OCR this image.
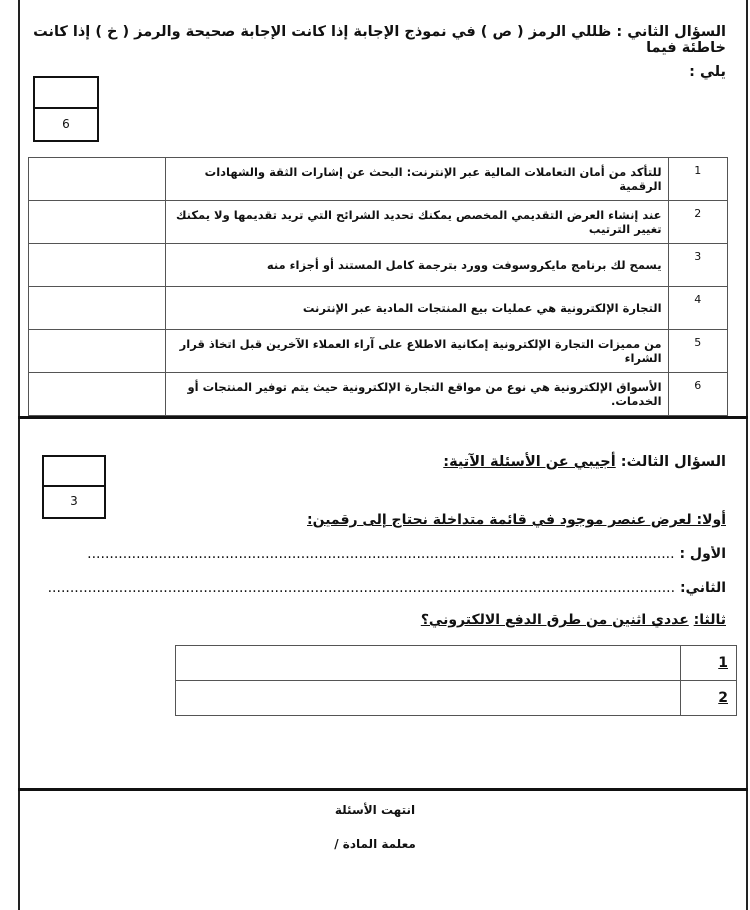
السؤال الثاني : ظللي الرمز ( ص ) في نموذج الإجابة إذا كانت الإجابة صحيحة والرمز ( خ ) إذا كانت خاطئة فيما
يلي :
6
1	للتأكد من أمان التعاملات المالية عبر الإنترنت: البحث عن إشارات الثقة والشهادات الرقمية	
2	عند إنشاء العرض التقديمي المخصص يمكنك تحديد الشرائح التي تريد تقديمها ولا يمكنك تغيير الترتيب	
3	يسمح لك برنامج مايكروسوفت وورد بترجمة كامل المستند أو أجزاء منه	
4	التجارة الإلكترونية هي عمليات بيع المنتجات المادية عبر الإنترنت	
5	من مميزات التجارة الإلكترونية إمكانية الاطلاع على آراء العملاء الآخرين قبل اتخاذ قرار الشراء	
6	الأسواق الإلكترونية هي نوع من مواقع التجارة الإلكترونية حيث يتم توفير المنتجات أو الخدمات.	
السؤال الثالث: أجيبي عن الأسئلة الآتية:
3
أولا: لعرض عنصر موجود في قائمة متداخلة نحتاج إلى رقمين:
الأول : ....................................................................................................................................
الثاني: .............................................................................................................................................
ثالثا: عددي اثنين من طرق الدفع الالكتروني؟
1	
2	
انتهت الأسئلة
معلمة المادة /
